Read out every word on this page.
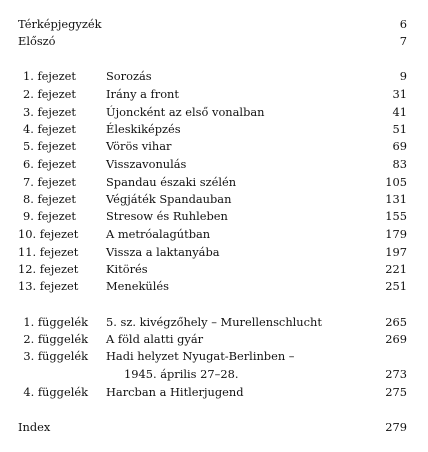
Térképjegyzék	6
Előszó	7
1. fejezet	Sorozás	9
2. fejezet	Irány a front	31
3. fejezet	Újoncként az első vonalban	41
4. fejezet	Éleskiképzés	51
5. fejezet	Vörös vihar	69
6. fejezet	Visszavonulás	83
7. fejezet	Spandau északi szélén	105
8. fejezet	Végjáték Spandauban	131
9. fejezet	Stresow és Ruhleben	155
10. fejezet A metróalagútban	179
11. fejezet Vissza a laktanyába	197
12. fejezet Kitörés	221
13. fejezet Menekülés	251
1. függelék 5. sz. kivégzőhely – Murellenschlucht	265
2. függelék A föld alatti gyár	269
3. függelék Hadi helyzet Nyugat-Berlinben –
1945. április 27–28.	273
4. függelék Harcban a Hitlerjugend	275
Index	279
